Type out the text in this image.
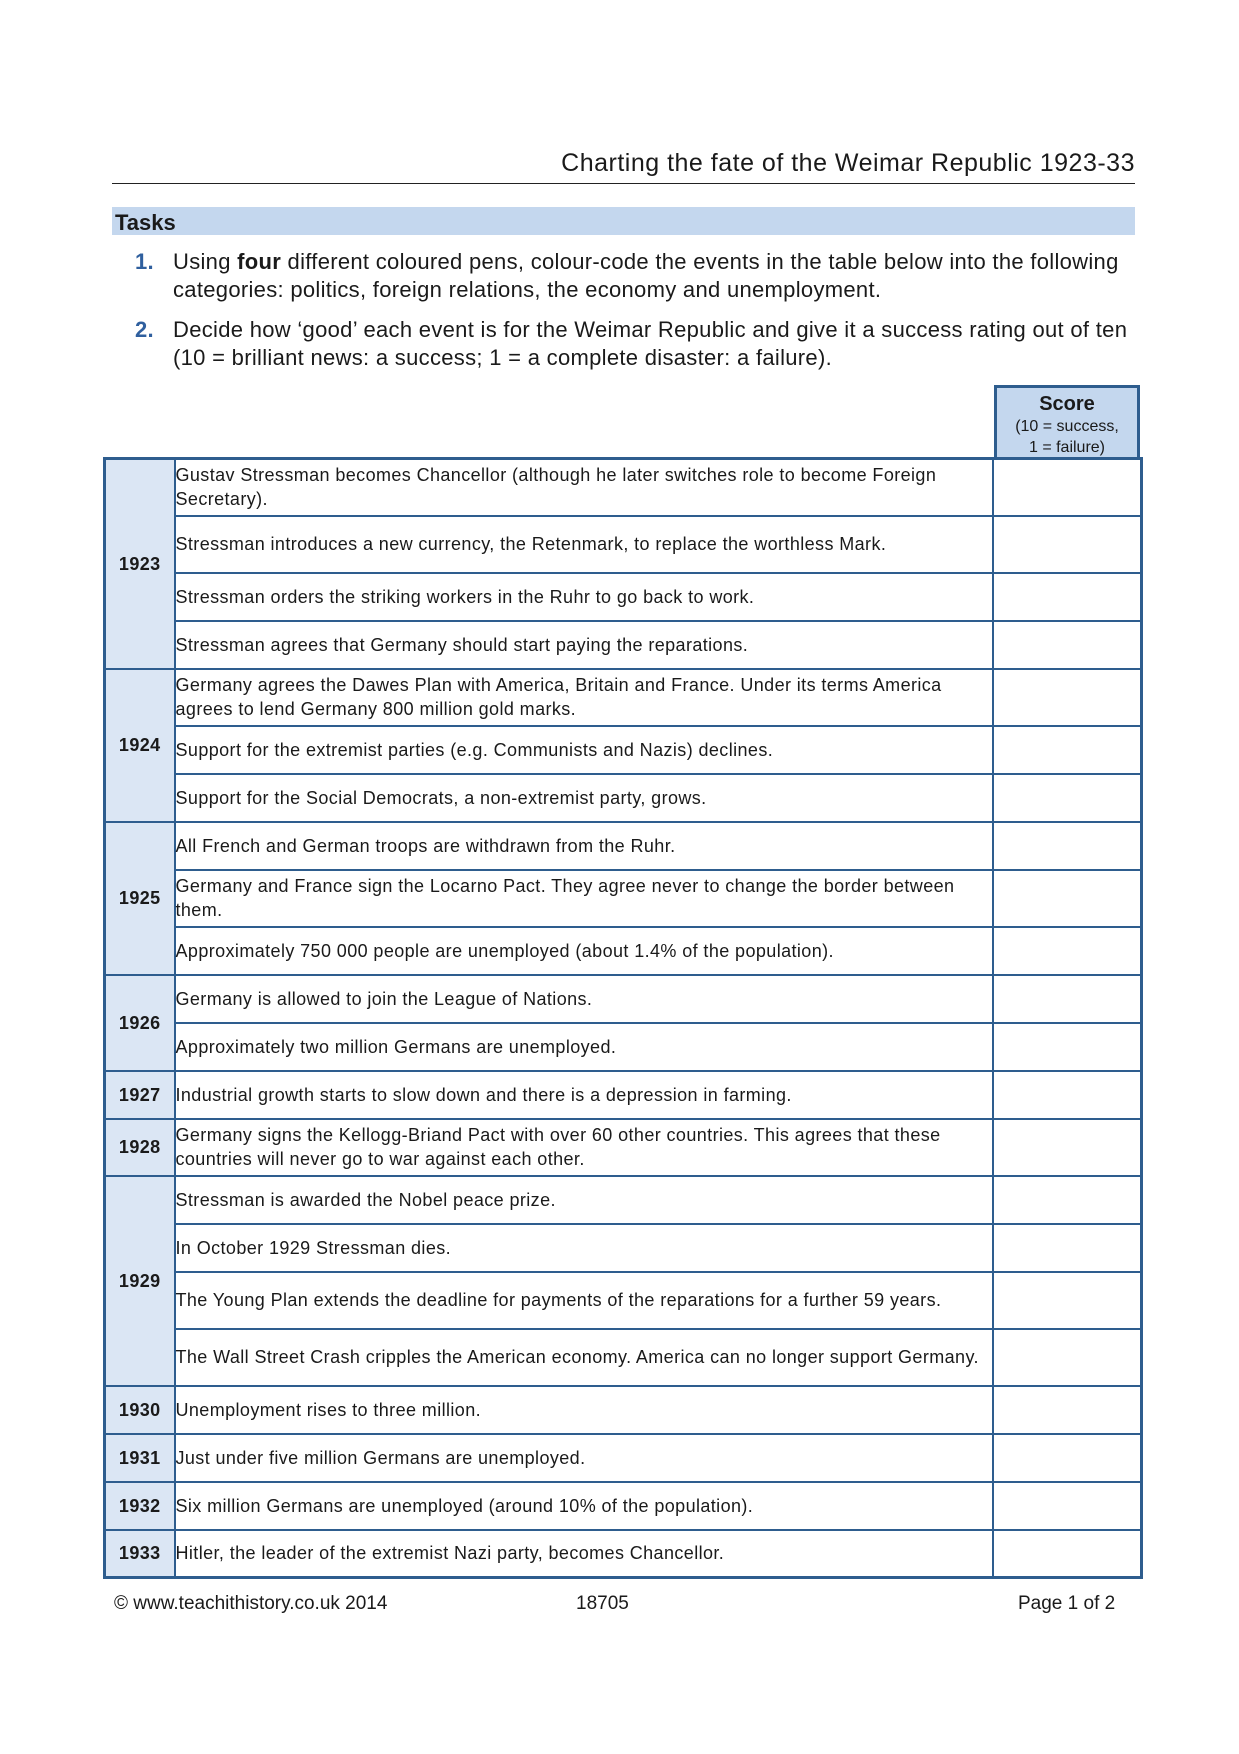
Charting the fate of the Weimar Republic 1923-33
Tasks
1. Using four different coloured pens, colour-code the events in the table below into the following categories: politics, foreign relations, the economy and unemployment.
2. Decide how ‘good’ each event is for the Weimar Republic and give it a success rating out of ten (10 = brilliant news: a success; 1 = a complete disaster: a failure).
Score
(10 = success,
1 = failure)
1923	Gustav Stressman becomes Chancellor (although he later switches role to become Foreign Secretary).	
	Stressman introduces a new currency, the Retenmark, to replace the worthless Mark.	
	Stressman orders the striking workers in the Ruhr to go back to work.	
	Stressman agrees that Germany should start paying the reparations.	
1924	Germany agrees the Dawes Plan with America, Britain and France. Under its terms America agrees to lend Germany 800 million gold marks.	
	Support for the extremist parties (e.g. Communists and Nazis) declines.	
	Support for the Social Democrats, a non-extremist party, grows.	
1925	All French and German troops are withdrawn from the Ruhr.	
	Germany and France sign the Locarno Pact. They agree never to change the border between them.	
	Approximately 750 000 people are unemployed (about 1.4% of the population).	
1926	Germany is allowed to join the League of Nations.	
	Approximately two million Germans are unemployed.	
1927	Industrial growth starts to slow down and there is a depression in farming.	
1928	Germany signs the Kellogg-Briand Pact with over 60 other countries. This agrees that these countries will never go to war against each other.	
1929	Stressman is awarded the Nobel peace prize.	
	In October 1929 Stressman dies.	
	The Young Plan extends the deadline for payments of the reparations for a further 59 years.	
	The Wall Street Crash cripples the American economy. America can no longer support Germany.	
1930	Unemployment rises to three million.	
1931	Just under five million Germans are unemployed.	
1932	Six million Germans are unemployed (around 10% of the population).	
1933	Hitler, the leader of the extremist Nazi party, becomes Chancellor.	
© www.teachithistory.co.uk 2014	18705	Page 1 of 2
